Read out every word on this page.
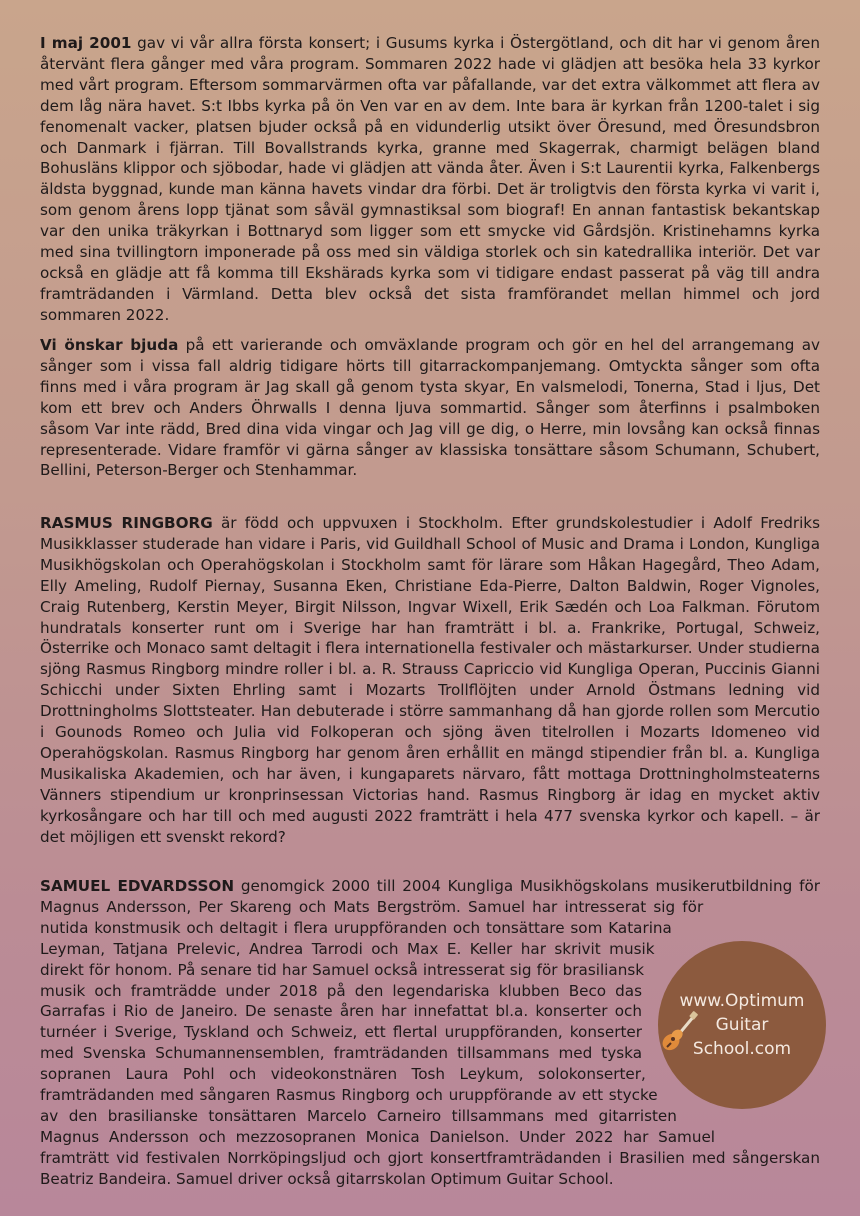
I maj 2001 gav vi vår allra första konsert; i Gusums kyrka i Östergötland, och dit har vi genom åren återvänt flera gånger med våra program. Sommaren 2022 hade vi glädjen att besöka hela 33 kyrkor med vårt program. Eftersom sommarvärmen ofta var påfallande, var det extra välkommet att flera av dem låg nära havet. S:t Ibbs kyrka på ön Ven var en av dem. Inte bara är kyrkan från 1200-talet i sig fenomenalt vacker, platsen bjuder också på en vidunderlig utsikt över Öresund, med Öresundsbron och Danmark i fjärran. Till Bovallstrands kyrka, granne med Skagerrak, charmigt belägen bland Bohusläns klippor och sjöbodar, hade vi glädjen att vända åter. Även i S:t Laurentii kyrka, Falkenbergs äldsta byggnad, kunde man känna havets vindar dra förbi. Det är troligtvis den första kyrka vi varit i, som genom årens lopp tjänat som såväl gymnastiksal som biograf! En annan fantastisk bekantskap var den unika träkyrkan i Bottnaryd som ligger som ett smycke vid Gårdsjön. Kristinehamns kyrka med sina tvillingtorn imponerade på oss med sin väldiga storlek och sin katedrallika interiör. Det var också en glädje att få komma till Ekshärads kyrka som vi tidigare endast passerat på väg till andra framträdanden i Värmland. Detta blev också det sista framförandet mellan himmel och jord sommaren 2022.

Vi önskar bjuda på ett varierande och omväxlande program och gör en hel del arrangemang av sånger som i vissa fall aldrig tidigare hörts till gitarrackompanjemang. Omtyckta sånger som ofta finns med i våra program är Jag skall gå genom tysta skyar, En valsmelodi, Tonerna, Stad i ljus, Det kom ett brev och Anders Öhrwalls I denna ljuva sommartid. Sånger som återfinns i psalmboken såsom Var inte rädd, Bred dina vida vingar och Jag vill ge dig, o Herre, min lovsång kan också finnas representerade. Vidare framför vi gärna sånger av klassiska tonsättare såsom Schumann, Schubert, Bellini, Peterson-Berger och Stenhammar.

RASMUS RINGBORG är född och uppvuxen i Stockholm. Efter grundskolestudier i Adolf Fredriks Musikklasser studerade han vidare i Paris, vid Guildhall School of Music and Drama i London, Kungliga Musikhögskolan och Operahögskolan i Stockholm samt för lärare som Håkan Hagegård, Theo Adam, Elly Ameling, Rudolf Piernay, Susanna Eken, Christiane Eda-Pierre, Dalton Baldwin, Roger Vignoles, Craig Rutenberg, Kerstin Meyer, Birgit Nilsson, Ingvar Wixell, Erik Sædén och Loa Falkman. Förutom hundratals konserter runt om i Sverige har han framträtt i bl. a. Frankrike, Portugal, Schweiz, Österrike och Monaco samt deltagit i flera internationella festivaler och mästarkurser. Under studierna sjöng Rasmus Ringborg mindre roller i bl. a. R. Strauss Capriccio vid Kungliga Operan, Puccinis Gianni Schicchi under Sixten Ehrling samt i Mozarts Trollflöjten under Arnold Östmans ledning vid Drottningholms Slottsteater. Han debuterade i större sammanhang då han gjorde rollen som Mercutio i Gounods Romeo och Julia vid Folkoperan och sjöng även titelrollen i Mozarts Idomeneo vid Operahögskolan. Rasmus Ringborg har genom åren erhållit en mängd stipendier från bl. a. Kungliga Musikaliska Akademien, och har även, i kungaparets närvaro, fått mottaga Drottningholmsteaterns Vänners stipendium ur kronprinsessan Victorias hand. Rasmus Ringborg är idag en mycket aktiv kyrkosångare och har till och med augusti 2022 framträtt i hela 477 svenska kyrkor och kapell. – är det möjligen ett svenskt rekord?

SAMUEL EDVARDSSON genomgick 2000 till 2004 Kungliga Musikhögskolans musikerutbildning för Magnus Andersson, Per Skareng och Mats Bergström. Samuel har intresserat sig för nutida konstmusik och deltagit i flera uruppföranden och tonsättare som Katarina Leyman, Tatjana Prelevic, Andrea Tarrodi och Max E. Keller har skrivit musik direkt för honom. På senare tid har Samuel också intresserat sig för brasiliansk musik och framträdde under 2018 på den legendariska klubben Beco das Garrafas i Rio de Janeiro. De senaste åren har innefattat bl.a. konserter och turnéer i Sverige, Tyskland och Schweiz, ett flertal uruppföranden, konserter med Svenska Schumannensemblen, framträdanden tillsammans med tyska sopranen Laura Pohl och videokonstnären Tosh Leykum, solokonserter, framträdanden med sångaren Rasmus Ringborg och uruppförande av ett stycke av den brasilianske tonsättaren Marcelo Carneiro tillsammans med gitarristen Magnus Andersson och mezzosopranen Monica Danielson. Under 2022 har Samuel framträtt vid festivalen Norrköpingsljud och gjort konsertframträdanden i Brasilien med sångerskan Beatriz Bandeira. Samuel driver också gitarrskolan Optimum Guitar School.

www.Optimum
Guitar
School.com
